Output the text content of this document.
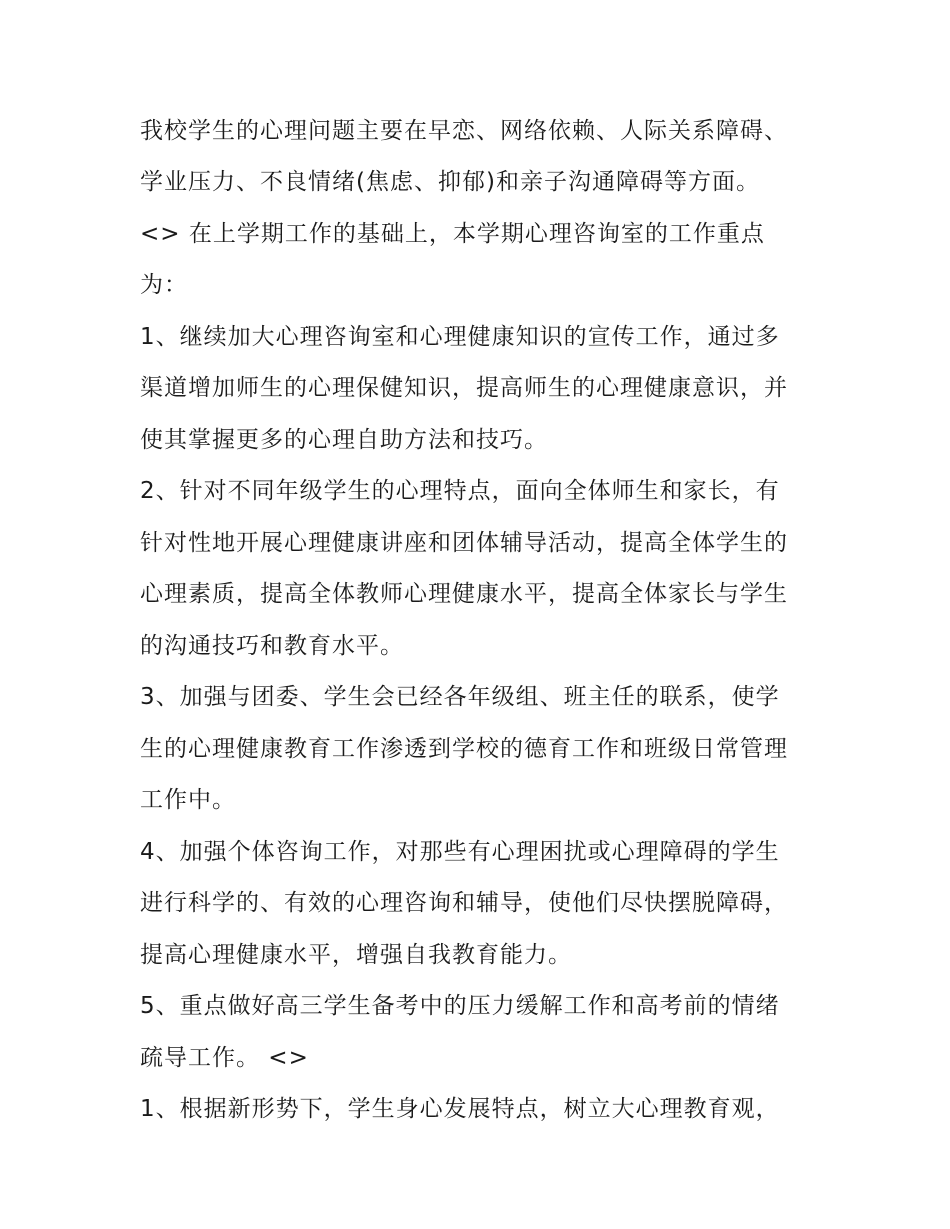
我校学生的心理问题主要在早恋、网络依赖、人际关系障碍、
学业压力、不良情绪(焦虑、抑郁)和亲子沟通障碍等方面。
<> 在上学期工作的基础上，本学期心理咨询室的工作重点
为：
1、继续加大心理咨询室和心理健康知识的宣传工作，通过多
渠道增加师生的心理保健知识，提高师生的心理健康意识，并
使其掌握更多的心理自助方法和技巧。
2、针对不同年级学生的心理特点，面向全体师生和家长，有
针对性地开展心理健康讲座和团体辅导活动，提高全体学生的
心理素质，提高全体教师心理健康水平，提高全体家长与学生
的沟通技巧和教育水平。
3、加强与团委、学生会已经各年级组、班主任的联系，使学
生的心理健康教育工作渗透到学校的德育工作和班级日常管理
工作中。
4、加强个体咨询工作，对那些有心理困扰或心理障碍的学生
进行科学的、有效的心理咨询和辅导，使他们尽快摆脱障碍，
提高心理健康水平，增强自我教育能力。
5、重点做好高三学生备考中的压力缓解工作和高考前的情绪
疏导工作。 <>
1、根据新形势下，学生身心发展特点，树立大心理教育观，
